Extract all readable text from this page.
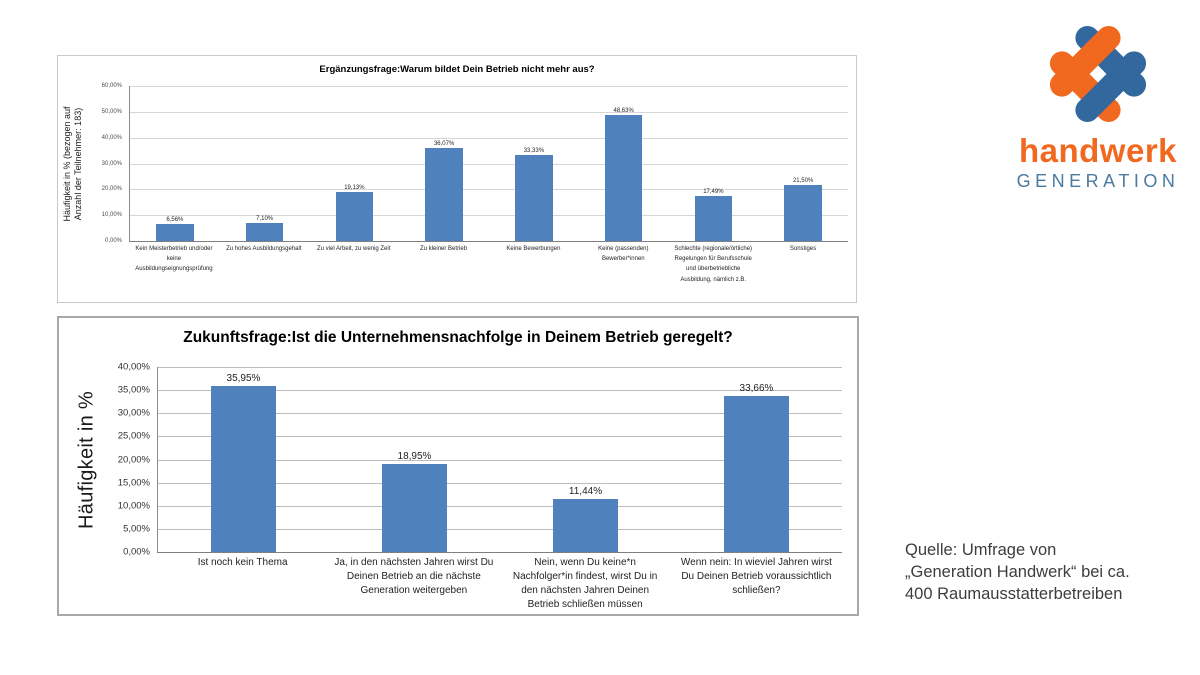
Ergänzungsfrage:Warum bildet Dein Betrieb nicht mehr aus?
Häufigkeit in % (bezogen auf Anzahl der Teilnehmer: 183)
60,00%
50,00%
40,00%
30,00%
20,00%
10,00%
0,00%
6,56%	7,10%
19,13%
36,07%
33,33%
48,63%
17,49%
21,50%
Kein Meisterbetrieb und/oder keine Ausbildungseignungsprüfung
Zu hohes Ausbildungsgehalt	Zu viel Arbeit, zu wenig Zeit	Zu kleiner Betrieb	Keine Bewerbungen	Keine (passenden) Bewerber*innen
Schlechte (regionale/örtliche) Regelungen für Berufsschule und überbetriebliche Ausbildung, nämlich z.B.
Sonstiges
Zukunftsfrage:Ist die Unternehmensnachfolge in Deinem Betrieb geregelt?
Häufigkeit in %
40,00%
35,00%
30,00%
25,00%
20,00%
15,00%
10,00%
5,00%
0,00%
35,95%
18,95%
11,44%
33,66%
Ist noch kein Thema	Ja, in den nächsten Jahren wirst Du Deinen Betrieb an die nächste Generation weitergeben
Nein, wenn Du keine*n Nachfolger*in findest, wirst Du in den nächsten Jahren Deinen Betrieb schließen müssen
Wenn nein: In wieviel Jahren wirst Du Deinen Betrieb voraussichtlich schließen?
handwerk
GENERATION
Quelle: Umfrage von
„Generation Handwerk“ bei ca.
400 Raumausstatterbetreiben
